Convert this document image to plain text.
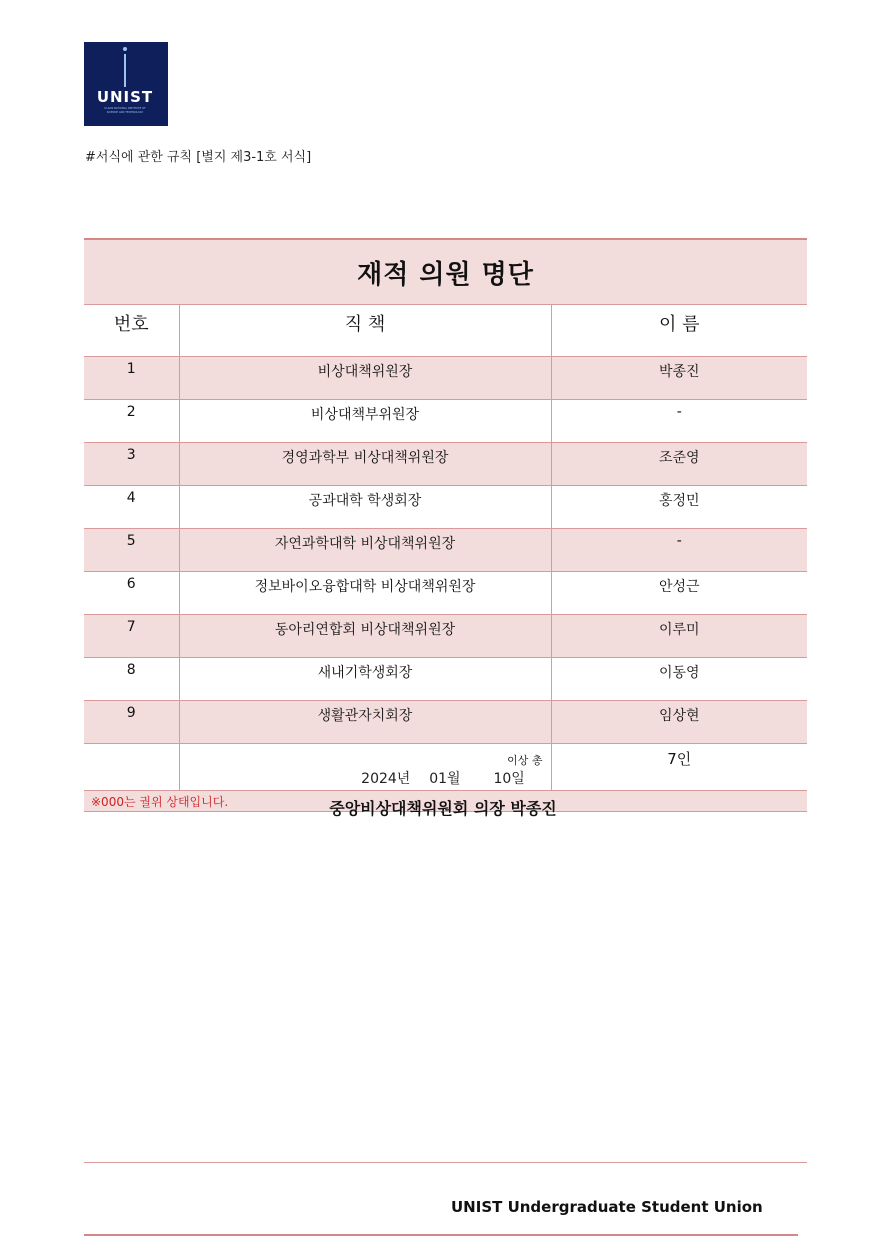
UNIST
ULSAN NATIONAL INSTITUTE OF
SCIENCE AND TECHNOLOGY
#서식에 관한 규칙 [별지 제3-1호 서식]
재적 의원 명단		
번호	직 책	이 름
1	비상대책위원장	박종진
2	비상대책부위원장	-
3	경영과학부 비상대책위원장	조준영
4	공과대학 학생회장	홍정민
5	자연과학대학 비상대책위원장	-
6	정보바이오융합대학 비상대책위원장	안성근
7	동아리연합회 비상대책위원장	이루미
8	새내기학생회장	이동영
9	생활관자치회장	임상현
	이상 총	7인
※000는 궐위 상태입니다.		
2024년 01월 10일
중앙비상대책위원회 의장 박종진
UNIST Undergraduate Student Union
